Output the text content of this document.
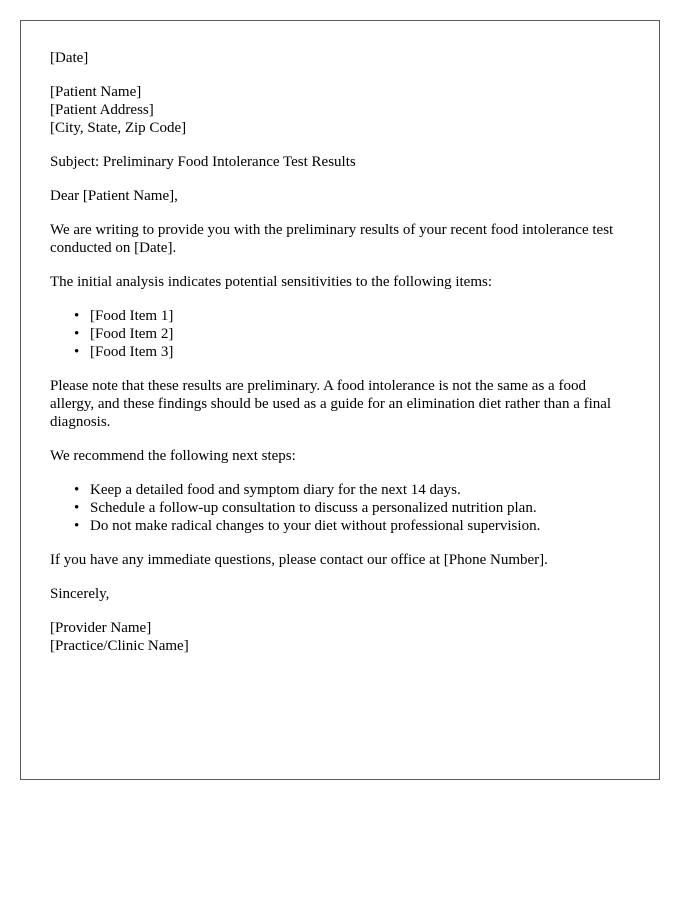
[Date]

[Patient Name]
[Patient Address]
[City, State, Zip Code]

Subject: Preliminary Food Intolerance Test Results

Dear [Patient Name],

We are writing to provide you with the preliminary results of your recent food intolerance test conducted on [Date].

The initial analysis indicates potential sensitivities to the following items:

• [Food Item 1]
• [Food Item 2]
• [Food Item 3]

Please note that these results are preliminary. A food intolerance is not the same as a food allergy, and these findings should be used as a guide for an elimination diet rather than a final diagnosis.

We recommend the following next steps:

• Keep a detailed food and symptom diary for the next 14 days.
• Schedule a follow-up consultation to discuss a personalized nutrition plan.
• Do not make radical changes to your diet without professional supervision.

If you have any immediate questions, please contact our office at [Phone Number].

Sincerely,

[Provider Name]
[Practice/Clinic Name]
